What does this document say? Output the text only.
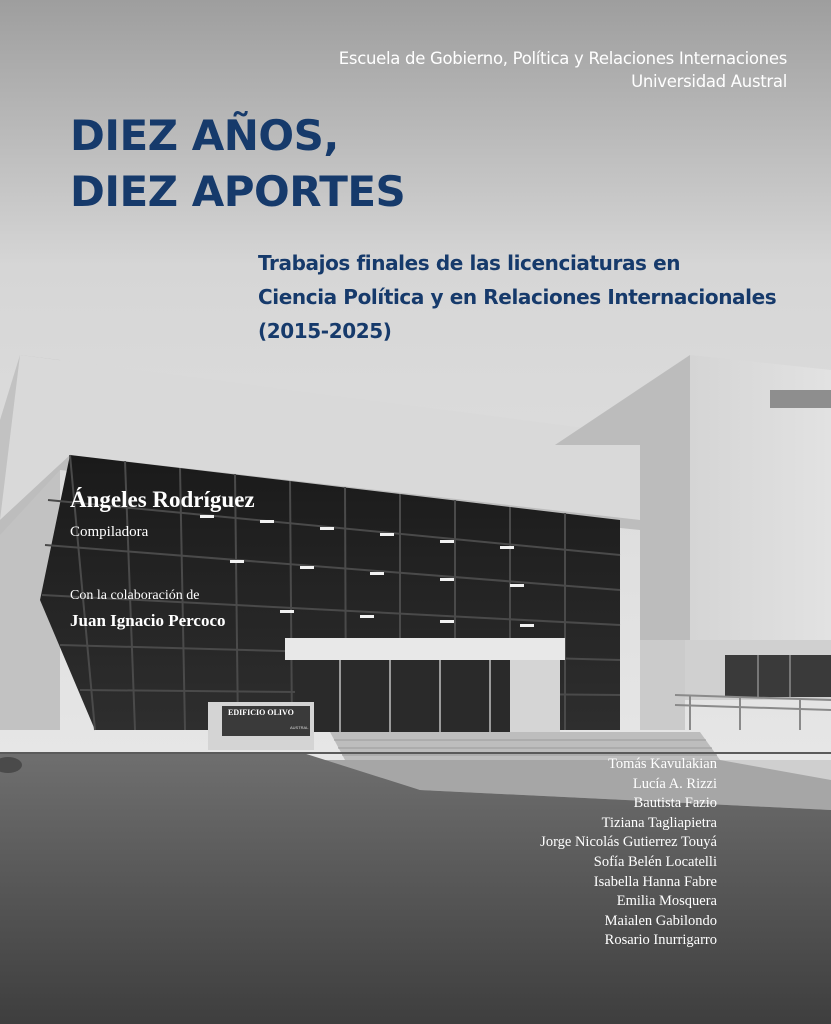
EDIFICIO OLIVO
AUSTRAL
Escuela de Gobierno, Política y Relaciones Internaciones
Universidad Austral
DIEZ AÑOS,
DIEZ APORTES
Trabajos finales de las licenciaturas en
Ciencia Política y en Relaciones Internacionales
(2015-2025)
Ángeles Rodríguez
Compiladora
Con la colaboración de
Juan Ignacio Percoco
Tomás Kavulakian
Lucía A. Rizzi
Bautista Fazio
Tiziana Tagliapietra
Jorge Nicolás Gutierrez Touyá
Sofía Belén Locatelli
Isabella Hanna Fabre
Emilia Mosquera
Maialen Gabilondo
Rosario Inurrigarro
